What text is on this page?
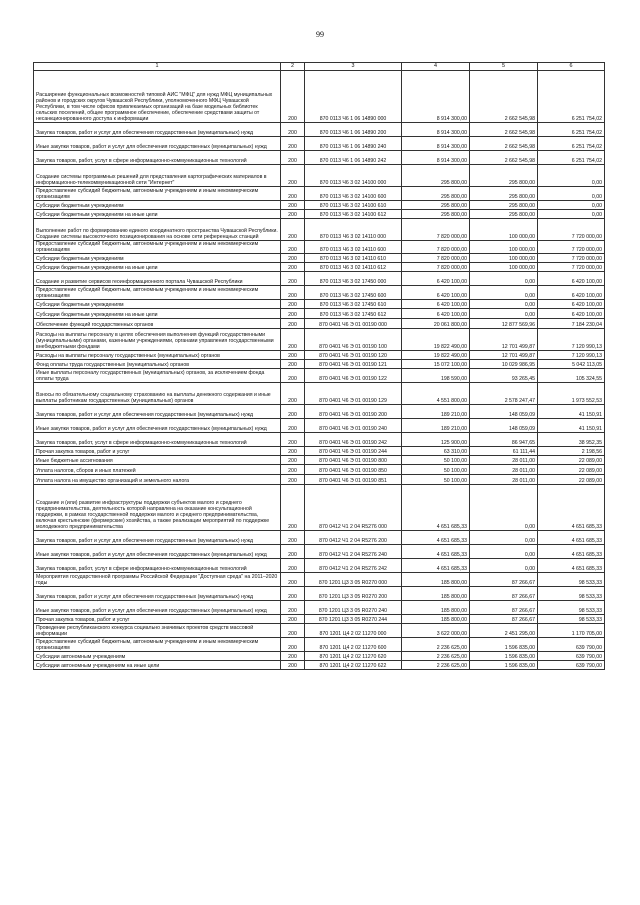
99
1	2	3	4	5	6
Расширение функциональных возможностей типовой АИС "МФЦ" для нужд МФЦ муниципальных районов и городских округов Чувашской Республики, уполномоченного МФЦ Чувашской Республики, в том числе офисов привлекаемых организаций на базе модельных библиотек сельских поселений, общее программное обеспечение, обеспечение средствами защиты от несанкционированного доступа к информации	200	870 0113 Ч6 1 06 14890 000	8 914 300,00	2 662 545,98	6 251 754,02
Закупка товаров, работ и услуг для обеспечения государственных (муниципальных) нужд	200	870 0113 Ч6 1 06 14890 200	8 914 300,00	2 662 545,98	6 251 754,02
Иные закупки товаров, работ и услуг для обеспечения государственных (муниципальных) нужд	200	870 0113 Ч6 1 06 14890 240	8 914 300,00	2 662 545,98	6 251 754,02
Закупка товаров, работ, услуг в сфере информационно-коммуникационных технологий	200	870 0113 Ч6 1 06 14890 242	8 914 300,00	2 662 545,98	6 251 754,02
Создание системы программных решений для представления картографических материалов в информационно-телекоммуникационной сети "Интернет"	200	870 0113 Ч6 3 02 14100 000	295 800,00	295 800,00	0,00
Предоставление субсидий бюджетным, автономным учреждениям и иным некоммерческим организациям	200	870 0113 Ч6 3 02 14100 600	295 800,00	295 800,00	0,00
Субсидии бюджетным учреждениям	200	870 0113 Ч6 3 02 14100 610	295 800,00	295 800,00	0,00
Субсидии бюджетным учреждениям на иные цели	200	870 0113 Ч6 3 02 14100 612	295 800,00	295 800,00	0,00
Выполнение работ по формированию единого координатного пространства Чувашской Республики. Создание системы высокоточного позиционирования на основе сети референцных станций	200	870 0113 Ч6 3 02 14110 000	7 820 000,00	100 000,00	7 720 000,00
Предоставление субсидий бюджетным, автономным учреждениям и иным некоммерческим организациям	200	870 0113 Ч6 3 02 14110 600	7 820 000,00	100 000,00	7 720 000,00
Субсидии бюджетным учреждениям	200	870 0113 Ч6 3 02 14110 610	7 820 000,00	100 000,00	7 720 000,00
Субсидии бюджетным учреждениям на иные цели	200	870 0113 Ч6 3 02 14110 612	7 820 000,00	100 000,00	7 720 000,00
Создание и развитие сервисов геоинформационного портала Чувашской Республики	200	870 0113 Ч6 3 02 17450 000	6 420 100,00	0,00	6 420 100,00
Предоставление субсидий бюджетным, автономным учреждениям и иным некоммерческим организациям	200	870 0113 Ч6 3 02 17450 600	6 420 100,00	0,00	6 420 100,00
Субсидии бюджетным учреждениям	200	870 0113 Ч6 3 02 17450 610	6 420 100,00	0,00	6 420 100,00
Субсидии бюджетным учреждениям на иные цели	200	870 0113 Ч6 3 02 17450 612	6 420 100,00	0,00	6 420 100,00
Обеспечение функций государственных органов	200	870 0401 Ч6 Э 01 00190 000	20 061 800,00	12 877 569,96	7 184 230,04
Расходы на выплаты персоналу в целях обеспечения выполнения функций государственными (муниципальными) органами, казенными учреждениями, органами управления государственными внебюджетными фондами	200	870 0401 Ч6 Э 01 00190 100	19 822 490,00	12 701 499,87	7 120 990,13
Расходы на выплаты персоналу государственных (муниципальных) органов	200	870 0401 Ч6 Э 01 00190 120	19 822 490,00	12 701 499,87	7 120 990,13
Фонд оплаты труда государственных (муниципальных) органов	200	870 0401 Ч6 Э 01 00190 121	15 072 100,00	10 029 986,95	5 042 113,05
Иные выплаты персоналу государственных (муниципальных) органов, за исключением фонда оплаты труда	200	870 0401 Ч6 Э 01 00190 122	198 590,00	93 265,45	105 324,55
Взносы по обязательному социальному страхованию на выплаты денежного содержания и иные выплаты работникам государственных (муниципальных) органов	200	870 0401 Ч6 Э 01 00190 129	4 551 800,00	2 578 247,47	1 973 552,53
Закупка товаров, работ и услуг для обеспечения государственных (муниципальных) нужд	200	870 0401 Ч6 Э 01 00190 200	189 210,00	148 059,09	41 150,91
Иные закупки товаров, работ и услуг для обеспечения государственных (муниципальных) нужд	200	870 0401 Ч6 Э 01 00190 240	189 210,00	148 059,09	41 150,91
Закупка товаров, работ, услуг в сфере информационно-коммуникационных технологий	200	870 0401 Ч6 Э 01 00190 242	125 900,00	86 947,65	38 952,35
Прочая закупка товаров, работ и услуг	200	870 0401 Ч6 Э 01 00190 244	63 310,00	61 111,44	2 198,56
Иные бюджетные ассигнования	200	870 0401 Ч6 Э 01 00190 800	50 100,00	28 011,00	22 089,00
Уплата налогов, сборов и иных платежей	200	870 0401 Ч6 Э 01 00190 850	50 100,00	28 011,00	22 089,00
Уплата налога на имущество организаций и земельного налога	200	870 0401 Ч6 Э 01 00190 851	50 100,00	28 011,00	22 089,00
Создание и (или) развитие инфраструктуры поддержки субъектов малого и среднего предпринимательства, деятельность которой направлена на оказание консультационной поддержки, в рамках государственной поддержки малого и среднего предпринимательства, включая крестьянские (фермерские) хозяйства, а также реализации мероприятий по поддержке молодежного предпринимательства	200	870 0412 Ч1 2 04 R5276 000	4 651 685,33	0,00	4 651 685,33
Закупка товаров, работ и услуг для обеспечения государственных (муниципальных) нужд	200	870 0412 Ч1 2 04 R5276 200	4 651 685,33	0,00	4 651 685,33
Иные закупки товаров, работ и услуг для обеспечения государственных (муниципальных) нужд	200	870 0412 Ч1 2 04 R5276 240	4 651 685,33	0,00	4 651 685,33
Закупка товаров, работ, услуг в сфере информационно-коммуникационных технологий	200	870 0412 Ч1 2 04 R5276 242	4 651 685,33	0,00	4 651 685,33
Мероприятия государственной программы Российской Федерации "Доступная среда" на 2011–2020 годы	200	870 1201 Ц3 3 05 R0270 000	185 800,00	87 266,67	98 533,33
Закупка товаров, работ и услуг для обеспечения государственных (муниципальных) нужд	200	870 1201 Ц3 3 05 R0270 200	185 800,00	87 266,67	98 533,33
Иные закупки товаров, работ и услуг для обеспечения государственных (муниципальных) нужд	200	870 1201 Ц3 3 05 R0270 240	185 800,00	87 266,67	98 533,33
Прочая закупка товаров, работ и услуг	200	870 1201 Ц3 3 05 R0270 244	185 800,00	87 266,67	98 533,33
Проведение республиканского конкурса социально значимых проектов средств массовой информации	200	870 1201 Ц4 2 02 11270 000	3 622 000,00	2 451 295,00	1 170 705,00
Предоставление субсидий бюджетным, автономным учреждениям и иным некоммерческим организациям	200	870 1201 Ц4 2 02 11270 600	2 236 625,00	1 596 835,00	639 790,00
Субсидии автономным учреждениям	200	870 1201 Ц4 2 02 11270 620	2 236 625,00	1 596 835,00	639 790,00
Субсидии автономным учреждениям на иные цели	200	870 1201 Ц4 2 02 11270 622	2 236 625,00	1 596 835,00	639 790,00
